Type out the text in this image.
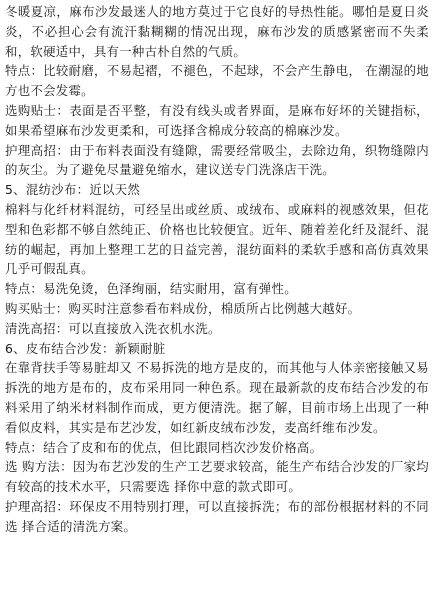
冬暖夏凉，麻布沙发最迷人的地方莫过于它良好的导热性能。哪怕是夏日炎炎，不必担心会有流汗黏糊糊的情况出现，麻布沙发的质感紧密而不失柔和，软硬适中，具有一种古朴自然的气质。

特点：比较耐磨，不易起褶，不褪色，不起球，不会产生静电， 在潮湿的地方也不会发霉。

选购贴士：表面是否平整，有没有线头或者界面，是麻布好坏的关键指标，如果希望麻布沙发更柔和，可选择含棉成分较高的棉麻沙发。

护理高招：由于布料表面没有缝隙，需要经常吸尘，去除边角，织物缝隙内的灰尘。为了避免尽量避免缩水，建议送专门洗涤店干洗。

5、混纺沙布：近以天然

棉料与化纤材料混纺，可经呈出或丝质、或绒布、或麻料的视感效果，但花型和色彩都不够自然纯正、价格也比较便宜。近年、随着差化纤及混纤、混纺的崛起，再加上整理工艺的日益完善，混纺面料的柔软手感和高仿真效果几乎可假乱真。

特点：易洗免烫，色泽绚丽，结实耐用，富有弹性。

购买贴士：购买时注意参看布料成份，棉质所占比例越大越好。

清洗高招：可以直接放入洗衣机水洗。

6、皮布结合沙发：新颖耐脏

在靠背扶手等易脏却又 不易拆洗的地方是皮的，而其他与人体亲密接触又易拆洗的地方是布的，皮布采用同一种色系。现在最新款的皮布结合沙发的布料采用了纳米材料制作而成，更方便清洗。据了解，目前市场上出现了一种看似皮料，其实是布艺沙发，如红新皮绒布沙发，麦高纤维布沙发。

特点：结合了皮和布的优点，但比跟同档次沙发价格高。

选 购方法：因为布艺沙发的生产工艺要求较高，能生产布结合沙发的厂家均有较高的技术水平，只需要选 择你中意的款式即可。

护理高招：环保皮不用特别打理，可以直接拆洗；布的部份根据材料的不同选 择合适的清洗方案。
